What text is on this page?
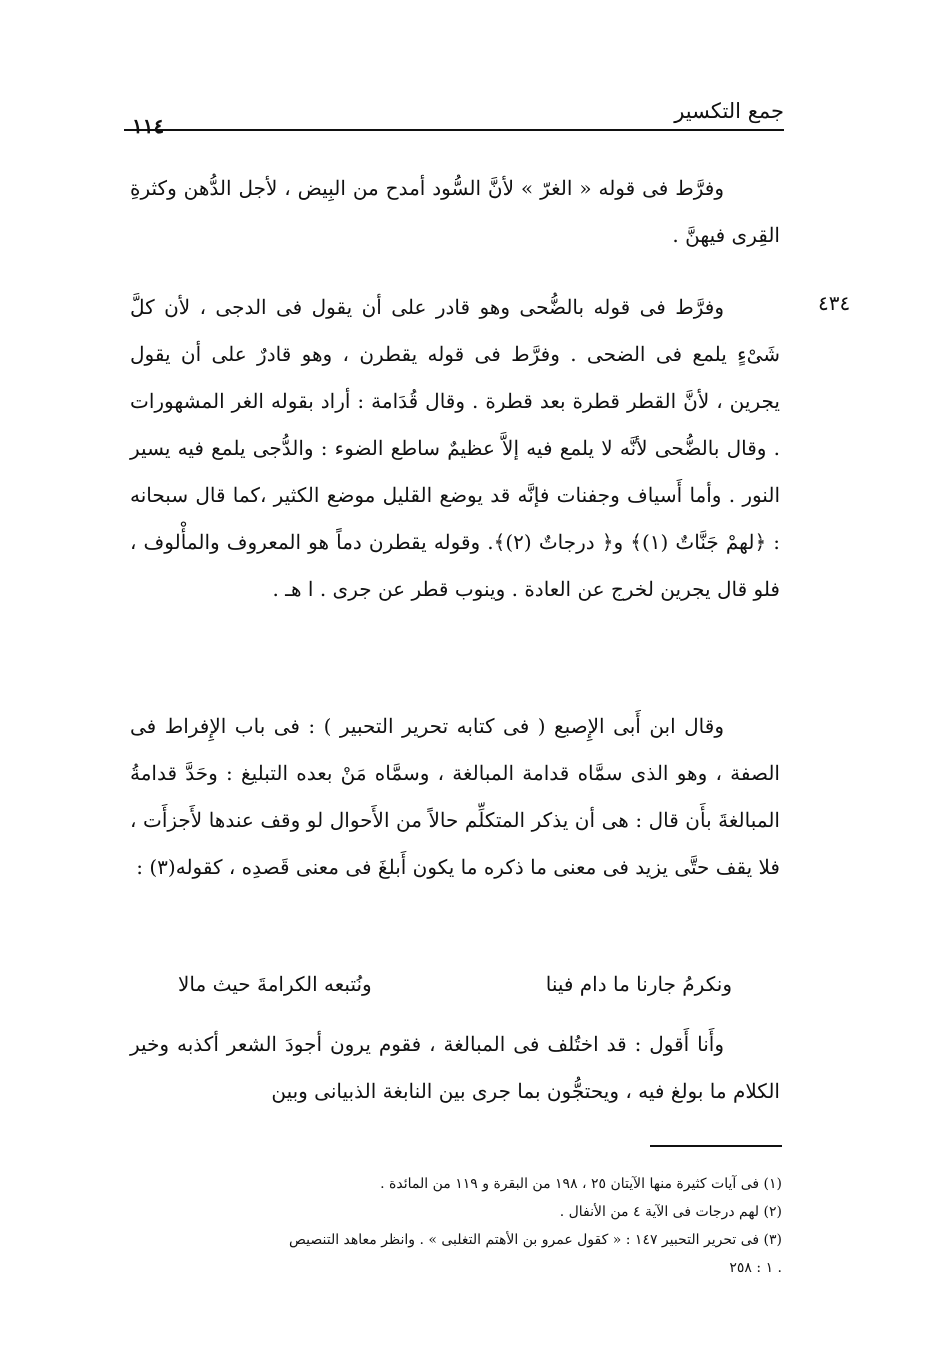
جمع التكسير
١١٤
٤٣٤
وفرَّط فى قوله « الغرّ » لأنَّ السُّود أمدح من البِيض ، لأجل الدُّهن وكثرةِ القِرى فيهنَّ .
وفرَّط فى قوله بالضُّحى وهو قادر على أن يقول فى الدجى ، لأن كلَّ شَىْءٍ يلمع فى الضحى . وفرَّط فى قوله يقطرن ، وهو قادرٌ على أن يقول يجرين ، لأنَّ القطر قطرة بعد قطرة . وقال قُدَامة : أراد بقوله الغر المشهورات . وقال بالضُّحى لأنَّه لا يلمع فيه إلاَّ عظيمٌ ساطع الضوء : والدُّجى يلمع فيه يسير النور . وأما أَسياف وجفنات فإنَّه قد يوضع القليل موضع الكثير ،كما قال سبحانه : ﴿لهمْ جَنَّاتٌ (١)﴾ و﴿ درجاتٌ (٢)﴾. وقوله يقطرن دماً هو المعروف والمأْلوف ، فلو قال يجرين لخرج عن العادة . وينوب قطر عن جرى . ا هـ .
وقال ابن أَبى الإِصبع ( فى كتابه تحرير التحبير ) : فى باب الإِفراط فى الصفة ، وهو الذى سمَّاه قدامة المبالغة ، وسمَّاه مَنْ بعده التبليغ : وحَدَّ قدامةُ المبالغةَ بأَن قال : هى أن يذكر المتكلِّم حالاً من الأَحوال لو وقف عندها لأَجزأَت ، فلا يقف حتَّى يزيد فى معنى ما ذكره ما يكون أَبلغَ فى معنى قَصدِه ، كقوله(٣) :
ونكرمُ جارنا ما دام فينا
ونُتبعه الكرامةَ حيث مالا
وأَنا أَقول : قد اختُلف فى المبالغة ، فقوم يرون أجودَ الشعر أكذبه وخير الكلام ما بولغ فيه ، ويحتجُّون بما جرى بين النابغة الذبيانى وبين

(١) فى آيات كثيرة منها الآيتان ٢٥ ، ١٩٨ من البقرة و ١١٩ من المائدة .

(٢) لهم درجات فى الآية ٤ من الأنفال .

(٣) فى تحرير التحبير ١٤٧ : « كقول عمرو بن الأهتم التغلبى » . وانظر معاهد التنصيص

١ : ٢٥٨ .
